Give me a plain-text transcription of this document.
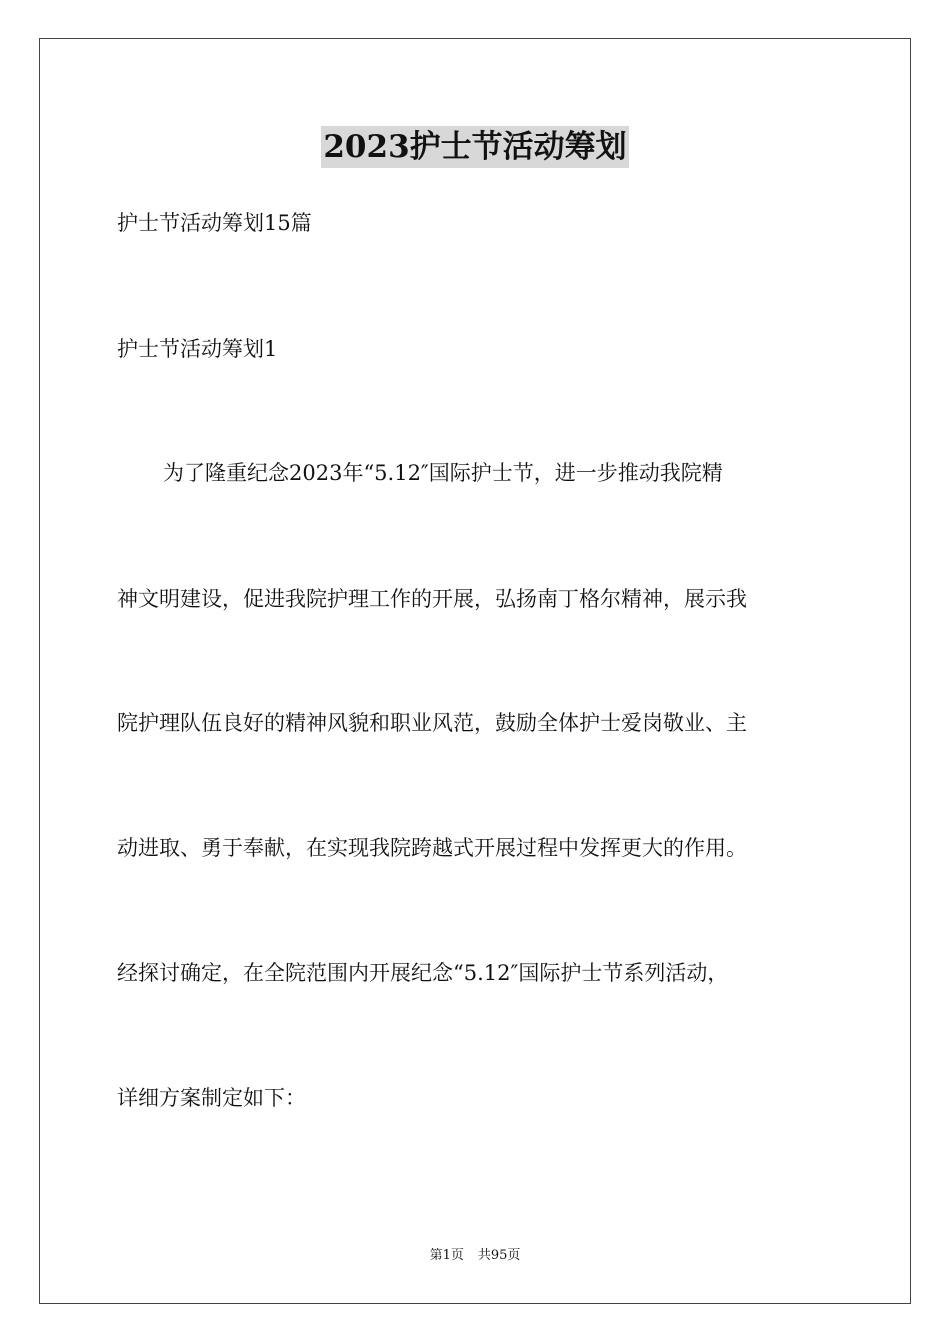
2023护士节活动筹划
护士节活动筹划15篇
护士节活动筹划1
为了隆重纪念2023年“5.12″国际护士节，进一步推动我院精
神文明建设，促进我院护理工作的开展，弘扬南丁格尔精神，展示我
院护理队伍良好的精神风貌和职业风范，鼓励全体护士爱岗敬业、主
动进取、勇于奉献，在实现我院跨越式开展过程中发挥更大的作用。
经探讨确定，在全院范围内开展纪念“5.12″国际护士节系列活动，
详细方案制定如下：
第1页 共95页
